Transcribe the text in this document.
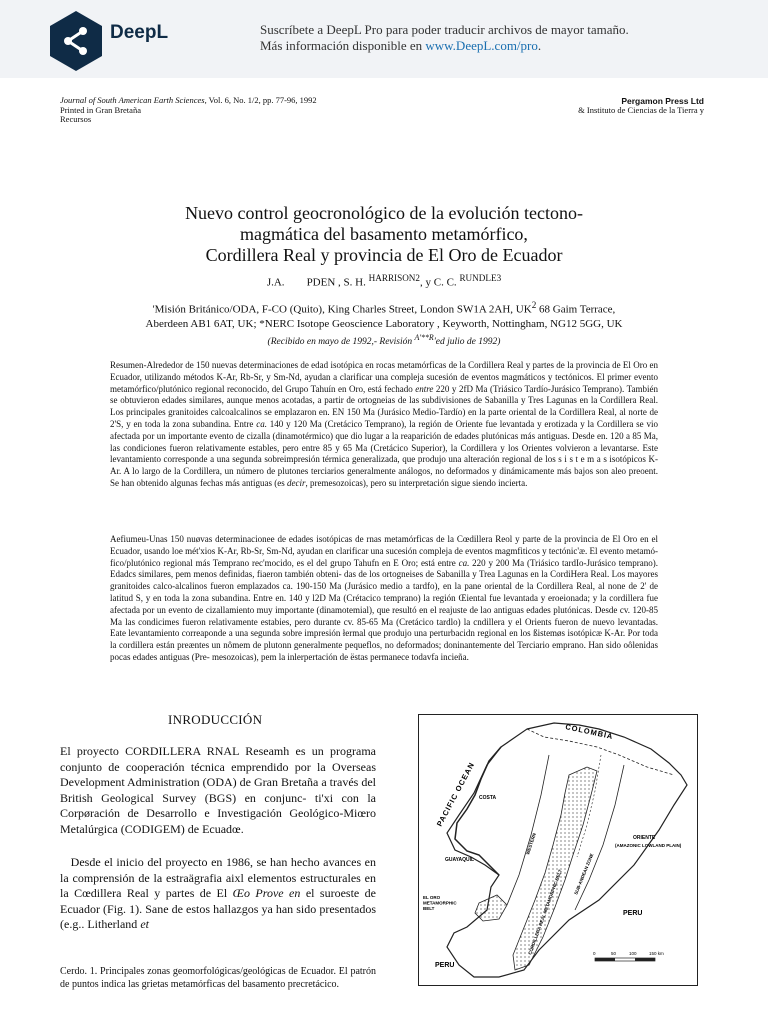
DeepL	Suscríbete a DeepL Pro para poder traducir archivos de mayor tamaño.
Más información disponible en www.DeepL.com/pro.
Journal of South American Earth Sciences, Vol. 6, No. 1/2, pp. 77-96, 1992
Printed in Gran Bretaña
Recursos
Pergamon Press Ltd
& Instituto de Ciencias de la Tierra y
Nuevo control geocronológico de la evolución tectono-
magmática del basamento metamórfico,
Cordillera Real y provincia de El Oro de Ecuador
J.A. PDEN , S. H. $^{HARRISON2}$, y C. C. $^{RUNDLE3}$
'Misión Británico/ODA, F-CO (Quito), King Charles Street, London SW1A 2AH, $UK^2$ 68 Gaim Terrace,
Aberdeen AB1 6AT, UK; *NERC Isotope Geoscience Laboratory , Keyworth, Nottingham, NG12 5GG, UK
(Recibido en mayo de 1992,- Revisión $^{A'**R}$'ed julio de 1992)
Resumen-Alrededor de 150 nuevas determinaciones de edad isotópica en rocas metamórficas de la Cordillera Real y partes de la provincia de El Oro en Ecuador, utilizando métodos K-Ar, Rb-Sr, y Sm-Nd, ayudan a clarificar una compleja sucesión de eventos magmáticos y tectónicos. El primer evento metamórfico/plutónico regional reconocido, del Grupo Tahuín en Oro, está fechado entre 220 y 2fD Ma (Triásico Tardío-Jurásico Temprano). También se obtuvieron edades similares, aunque menos acotadas, a partir de ortogneias de las subdivisiones de Sabanilla y Tres Lagunas en la Cordillera Real. Los principales granitoides calcoalcalinos se emplazaron en. EN 150 Ma (Jurásico Medio-Tardío) en la parte oriental de la Cordillera Real, al norte de 2'S, y en toda la zona subandina. Entre ca. 140 y 120 Ma (Cretácico Temprano), la región de Oriente fue levantada y erotizada y la Cordillera se vio afectada por un importante evento de cizalla (dinamotérmico) que dio lugar a la reaparición de edades plutónicas más antiguas. Desde en. 120 a 85 Ma, las condiciones fueron relativamente estables, pero entre 85 y 65 Ma (Cretácico Superior), la Cordillera y los Orientes volvieron a levantarse. Este levantamiento corresponde a una segunda sobreimpresión térmica generalizada, que produjo una alteración regional de los s i s t e m a s isotópicos K-Ar. A lo largo de la Cordillera, un número de plutones terciarios generalmente análogos, no deformados y dinámicamente más bajos son aleo preoent. Se han obtenido algunas fechas más antiguas (es decir, premesozoicas), pero su interpretación sigue siendo incierta.
Aefiumeu-Unas 150 nuøvas determinacionee de edades isotópicas de rnas metamórficas de la Cœdillera Reol y parte de la provincia de El Oro en el Ecuador, usando loe mét'xios K-Ar, Rb-Sr, Sm-Nd, ayudan en clarificar una sucesión compleja de eventos magmfiticos y tectónic'æ. El evento metamó-fico/plutónico regional más Temprano rec'mocido, es el del grupo Tahufn en E Oro; está entre ca. 220 y 200 Ma (Triásico tardIo-Jurásico temprano). Edadcs similares, pem menos definidas, fiaeron también obteni- das de los ortogneises de Sabanilla y Trea Lagunas en la CordiHera Real. Los mayores granitoides calco-alcalinos fueron emplazados ca. 190-150 Ma (Jurásico medio a tardfo), en la pane oriental de la Cordillera Real, al none de 2' de latitud S, y en toda la zona subandina. Entre en. 140 y l2D Ma (Crétacico temprano) la región Œiental fue levantada y eroeionada; y la cordillera fue afectada por un evento de cizallamiento muy importante (dinamotemial), que resultó en el reajuste de lao antiguas edades plutónicas. Desde cv. 120-85 Ma las condicimes fueron relativamente estabies, pero durante cv. 85-65 Ma (Cretácico tardlo) la cndillera y el Orients fueron de nuevo levantadas. Eate levantamiento correaponde a una segunda sobre impresión łermal que produjo una perturbacidn regional en los ßistemøs isotópicæ K-Ar. Por toda la cordillera están preæntes un nômem de plutonn generalmente pequeflos, no deformados; doninantemente del Terciario emprano. Han sido oôlenidas pocas edades antiguas (Pre- mesozoicas), pem la inlerpertación de ëstas permanece todavfa incieña.
INRODUCCIÓN
El proyecto CORDILLERA RNAL Reseamh es un programa conjunto de cooperación técnica emprendido por la Overseas Development Administration (ODA) de Gran Bretaña a través del British Geological Survey (BGS) en conjunc- ti'xi con la Corpøración de Desarrollo e Investigación Geológico-Miœro Metalúrgica (CODIGEM) de Ecuadœ.
Desde el inicio del proyecto en 1986, se han hecho avances en la comprensión de la estraägrafia aixl elementos estructurales en la Cœdillera Real y partes de El Œo Prove en el suroeste de Ecuador (Fig. 1). Sane de estos hallazgos ya han sido presentados (e.g.. Litherland et
Cerdo. 1. Principales zonas geomorfológicas/geológicas de Ecuador. El patrón de puntos indica las grietas metamórficas del basamento precretácico.
PACIFIC OCEAN
COLOMBIA
COSTA
GUAYAQUIL
ORIENTE
(AMAZONIC LOWLAND PLAIN)
PERU
PERU
EL ORO METAMORPHIC BELT
WESTERN
CORDILLERA REAL METAMORPHIC BELT SUB-ANDEAN ZONE
0	50	100	150 km
